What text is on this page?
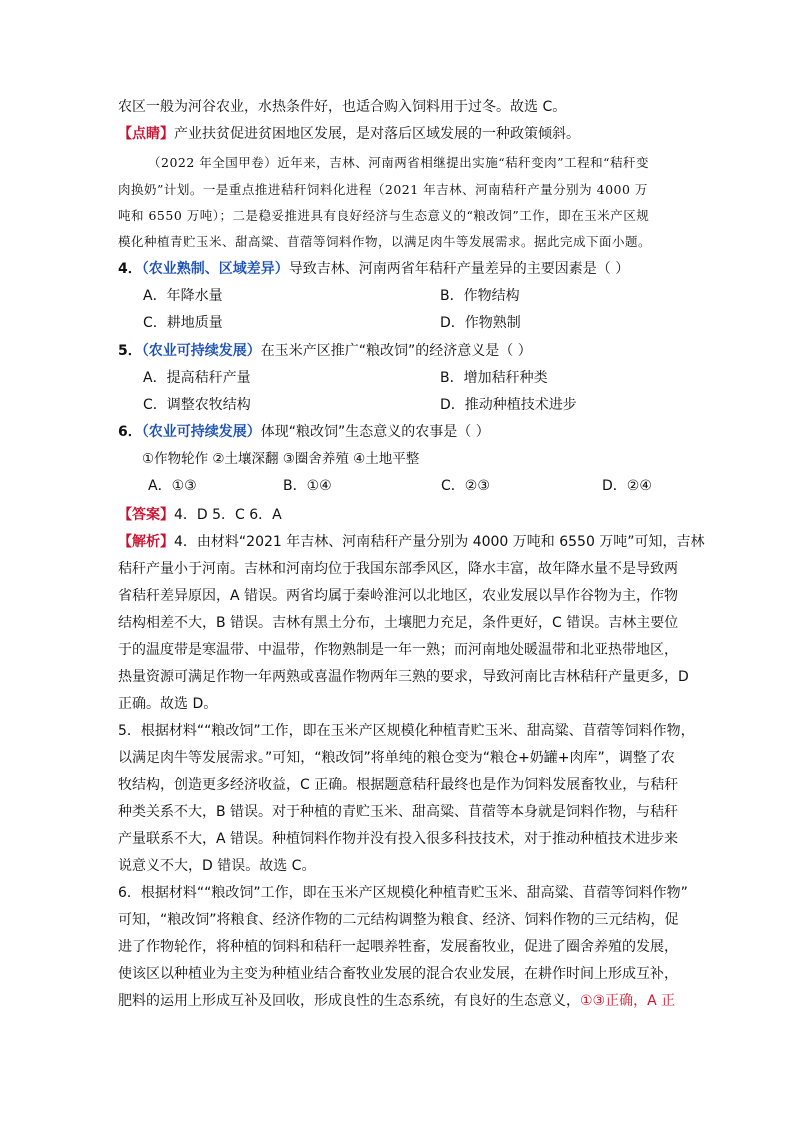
农区一般为河谷农业，水热条件好，也适合购入饲料用于过冬。故选 C。
【点睛】产业扶贫促进贫困地区发展，是对落后区域发展的一种政策倾斜。
（2022 年全国甲卷）近年来，吉林、河南两省相继提出实施“秸秆变肉”工程和“秸秆变
肉换奶”计划。一是重点推进秸秆饲料化进程（2021 年吉林、河南秸秆产量分别为 4000 万
吨和 6550 万吨）；二是稳妥推进具有良好经济与生态意义的“粮改饲”工作，即在玉米产区规
模化种植青贮玉米、甜高粱、苜蓿等饲料作物，以满足肉牛等发展需求。据此完成下面小题。
4．（农业熟制、区域差异）导致吉林、河南两省年秸秆产量差异的主要因素是（ ）
A．年降水量	B．作物结构
C．耕地质量	D．作物熟制
5．（农业可持续发展）在玉米产区推广“粮改饲”的经济意义是（ ）
A．提高秸秆产量	B．增加秸秆种类
C．调整农牧结构	D．推动种植技术进步
6．（农业可持续发展）体现“粮改饲”生态意义的农事是（ ）
①作物轮作 ②土壤深翻 ③圈舍养殖 ④土地平整
A．①③	B．①④	C．②③	D．②④
【答案】4．D 5．C 6．A
【解析】4．由材料“2021 年吉林、河南秸秆产量分别为 4000 万吨和 6550 万吨”可知，吉林
秸秆产量小于河南。吉林和河南均位于我国东部季风区，降水丰富，故年降水量不是导致两
省秸秆差异原因，A 错误。两省均属于秦岭淮河以北地区，农业发展以旱作谷物为主，作物
结构相差不大，B 错误。吉林有黑土分布，土壤肥力充足，条件更好，C 错误。吉林主要位
于的温度带是寒温带、中温带，作物熟制是一年一熟；而河南地处暖温带和北亚热带地区，
热量资源可满足作物一年两熟或喜温作物两年三熟的要求，导致河南比吉林秸秆产量更多，D
正确。故选 D。
5．根据材料““粮改饲”工作，即在玉米产区规模化种植青贮玉米、甜高粱、苜蓿等饲料作物，
以满足肉牛等发展需求。”可知，“粮改饲”将单纯的粮仓变为“粮仓+奶罐+肉库”，调整了农
牧结构，创造更多经济收益，C 正确。根据题意秸秆最终也是作为饲料发展畜牧业，与秸秆
种类关系不大，B 错误。对于种植的青贮玉米、甜高粱、苜蓿等本身就是饲料作物，与秸秆
产量联系不大，A 错误。种植饲料作物并没有投入很多科技技术，对于推动种植技术进步来
说意义不大，D 错误。故选 C。
6．根据材料““粮改饲”工作，即在玉米产区规模化种植青贮玉米、甜高粱、苜蓿等饲料作物”
可知，“粮改饲”将粮食、经济作物的二元结构调整为粮食、经济、饲料作物的三元结构，促
进了作物轮作，将种植的饲料和秸秆一起喂养牲畜，发展畜牧业，促进了圈舍养殖的发展，
使该区以种植业为主变为种植业结合畜牧业发展的混合农业发展，在耕作时间上形成互补，
肥料的运用上形成互补及回收，形成良性的生态系统，有良好的生态意义，①③正确，A 正
